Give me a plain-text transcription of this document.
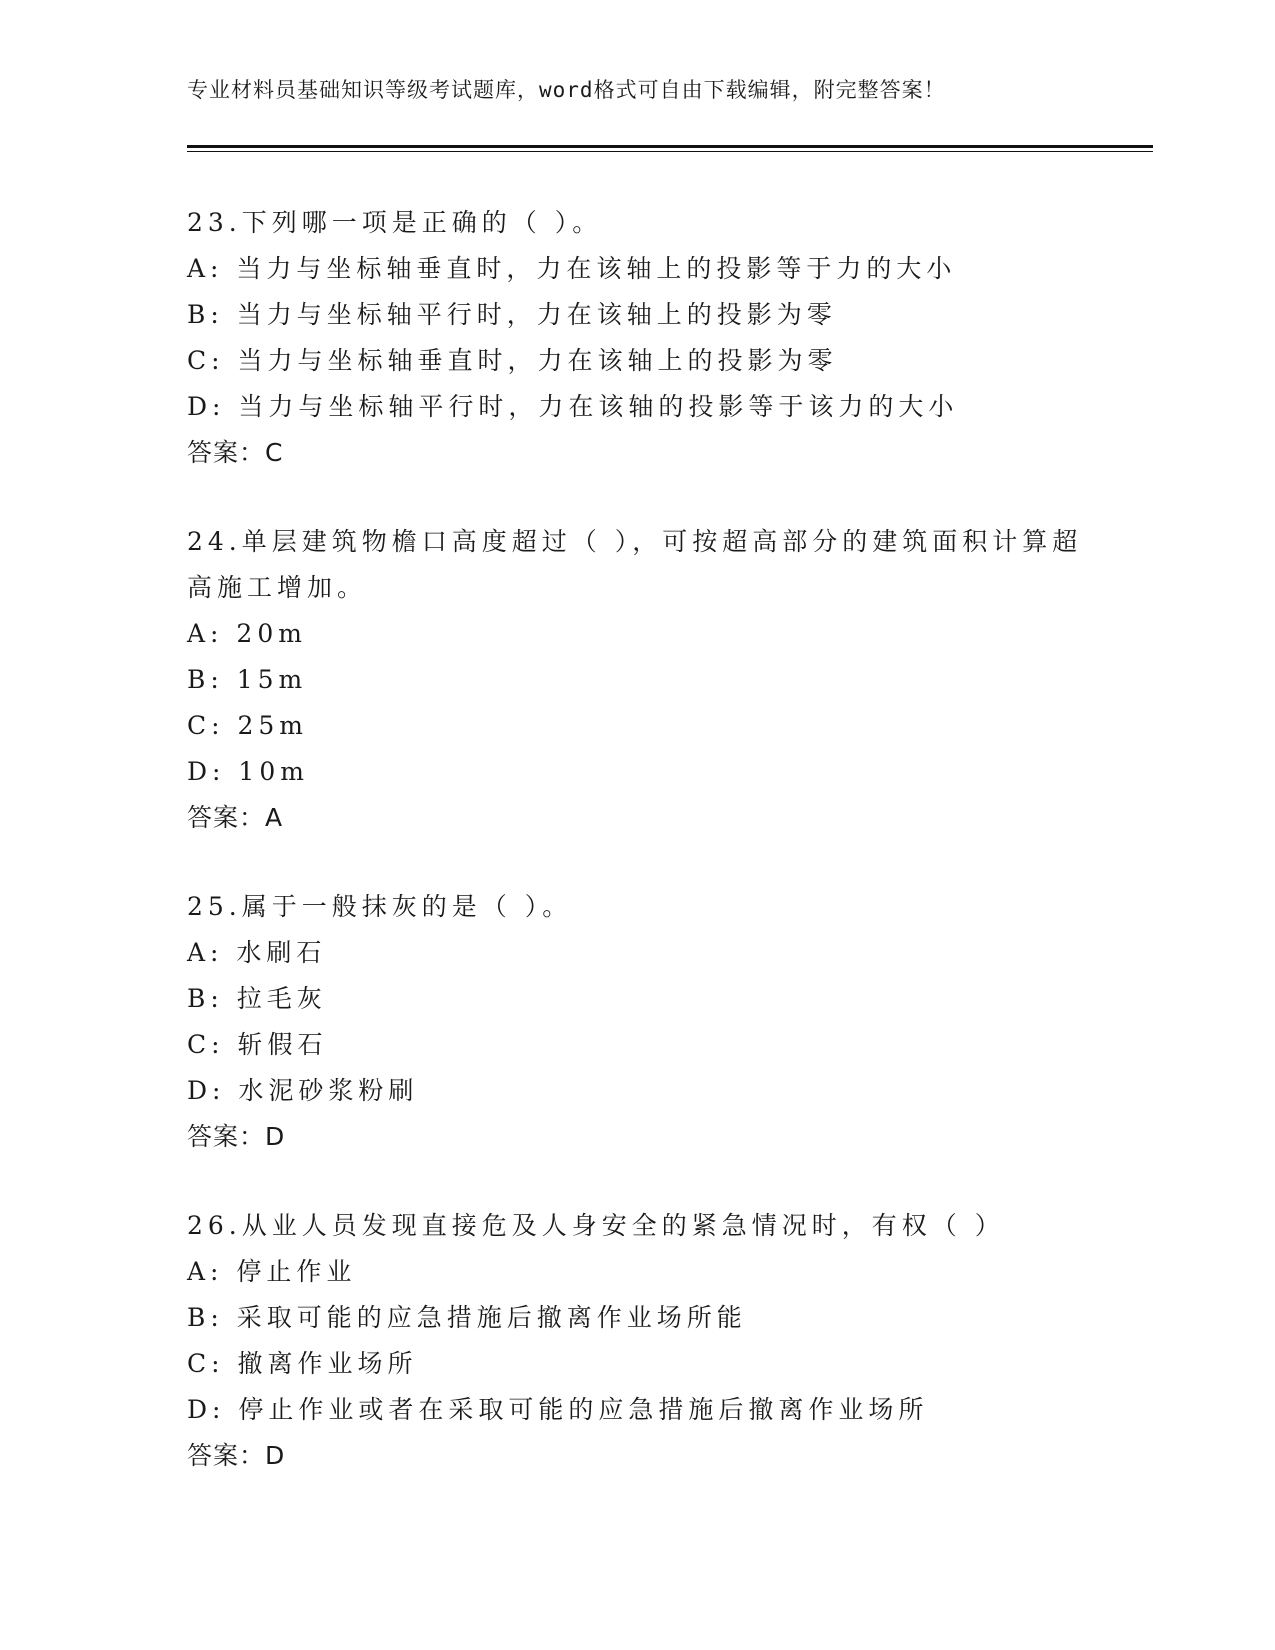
专业材料员基础知识等级考试题库，word格式可自由下载编辑，附完整答案！
23.下列哪一项是正确的（ ）。
A: 当力与坐标轴垂直时，力在该轴上的投影等于力的大小
B: 当力与坐标轴平行时，力在该轴上的投影为零
C: 当力与坐标轴垂直时，力在该轴上的投影为零
D: 当力与坐标轴平行时，力在该轴的投影等于该力的大小
答案：C
24.单层建筑物檐口高度超过（ ），可按超高部分的建筑面积计算超
高施工增加。
A: 20m
B: 15m
C: 25m
D: 10m
答案：A
25.属于一般抹灰的是（ ）。
A: 水刷石
B: 拉毛灰
C: 斩假石
D: 水泥砂浆粉刷
答案：D
26.从业人员发现直接危及人身安全的紧急情况时，有权（ ）
A: 停止作业
B: 采取可能的应急措施后撤离作业场所能
C: 撤离作业场所
D: 停止作业或者在采取可能的应急措施后撤离作业场所
答案：D
